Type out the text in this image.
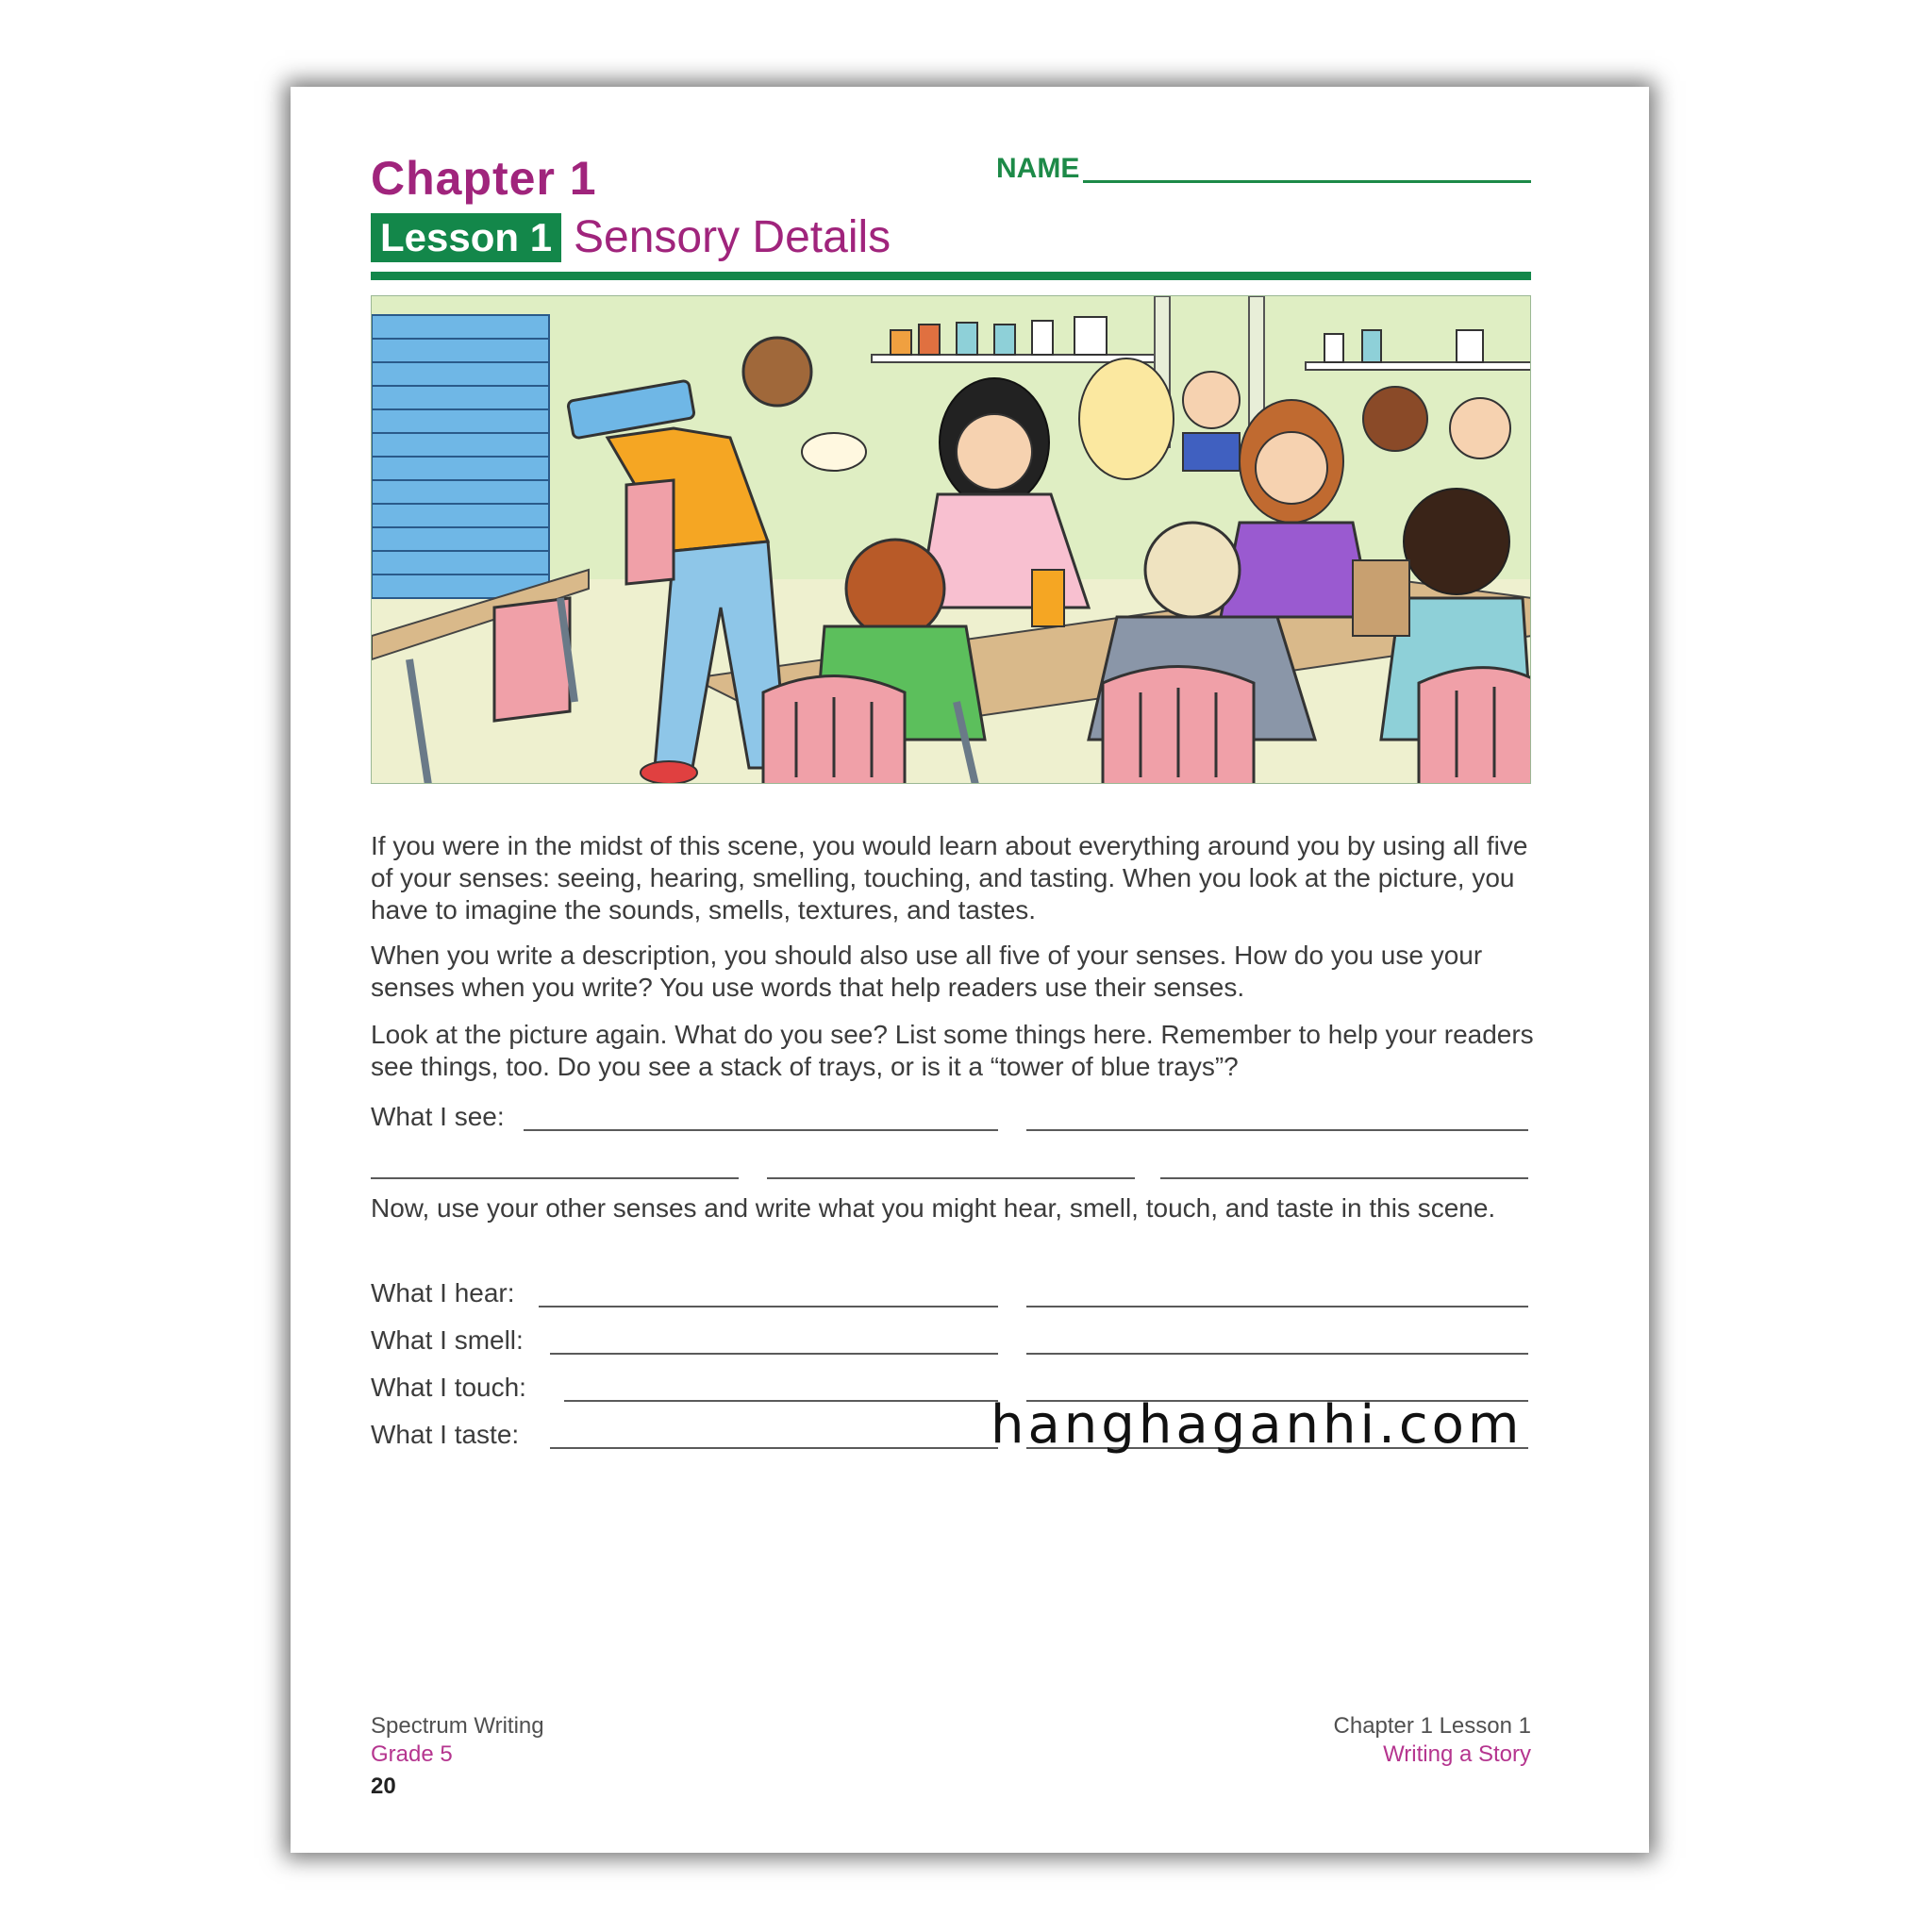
Chapter 1	NAME
Lesson 1 Sensory Details

If you were in the midst of this scene, you would learn about everything around you by using all five of your senses: seeing, hearing, smelling, touching, and tasting. When you look at the picture, you have to imagine the sounds, smells, textures, and tastes.

When you write a description, you should also use all five of your senses. How do you use your senses when you write? You use words that help readers use their senses.

Look at the picture again. What do you see? List some things here. Remember to help your readers see things, too. Do you see a stack of trays, or is it a “tower of blue trays”?

What I see:

Now, use your other senses and write what you might hear, smell, touch, and taste in this scene.

What I hear:
What I smell:
What I touch:
What I taste:
Spectrum Writing
Grade 5
20
Chapter 1 Lesson 1
Writing a Story
hanghaganhi.com
